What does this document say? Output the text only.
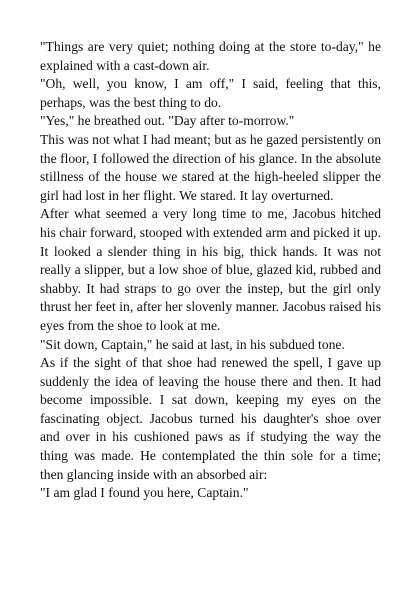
"Things are very quiet; nothing doing at the store to-day," he explained with a cast-down air.

"Oh, well, you know, I am off," I said, feeling that this, perhaps, was the best thing to do.

"Yes," he breathed out. "Day after to-morrow."

This was not what I had meant; but as he gazed persistently on the floor, I followed the direction of his glance. In the absolute stillness of the house we stared at the high-heeled slipper the girl had lost in her flight. We stared. It lay overturned.

After what seemed a very long time to me, Jacobus hitched his chair forward, stooped with extended arm and picked it up. It looked a slender thing in his big, thick hands. It was not really a slipper, but a low shoe of blue, glazed kid, rubbed and shabby. It had straps to go over the instep, but the girl only thrust her feet in, after her slovenly manner. Jacobus raised his eyes from the shoe to look at me.

"Sit down, Captain," he said at last, in his subdued tone.

As if the sight of that shoe had renewed the spell, I gave up suddenly the idea of leaving the house there and then. It had become impossible. I sat down, keeping my eyes on the fascinating object. Jacobus turned his daughter's shoe over and over in his cushioned paws as if studying the way the thing was made. He contemplated the thin sole for a time; then glancing inside with an absorbed air:

"I am glad I found you here, Captain."
